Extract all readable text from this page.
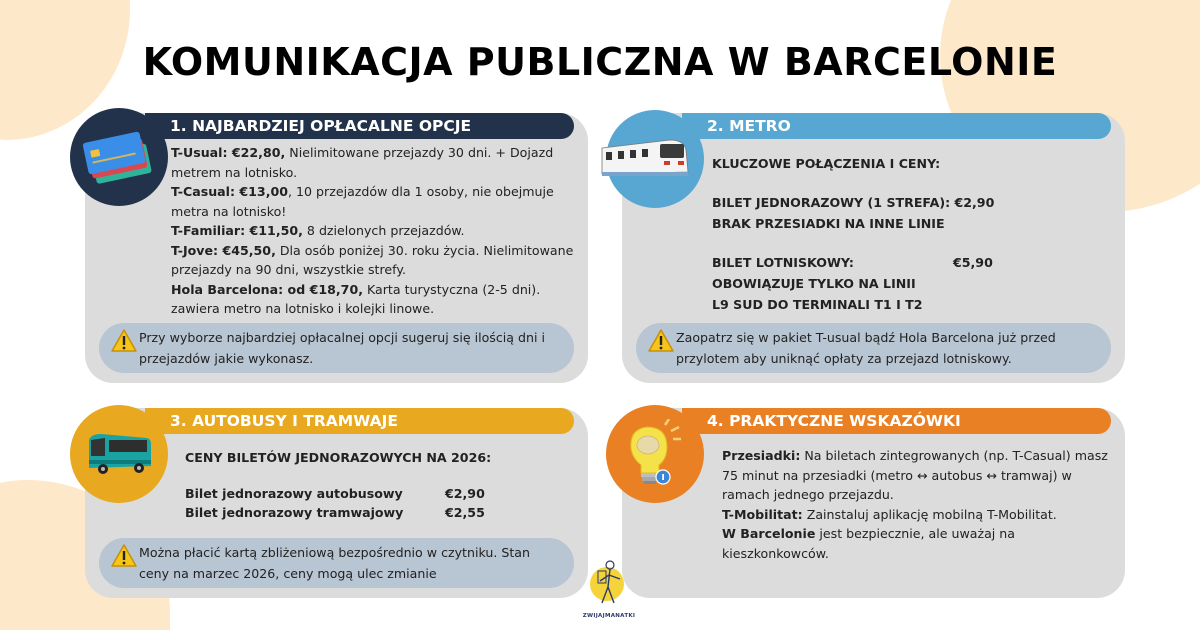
KOMUNIKACJA PUBLICZNA W BARCELONIE
1. NAJBARDZIEJ OPŁACALNE OPCJE
T-Usual: €22,80, Nielimitowane przejazdy 30 dni. + Dojazd metrem na lotnisko.
T-Casual: €13,00, 10 przejazdów dla 1 osoby, nie obejmuje metra na lotnisko!
T-Familiar: €11,50, 8 dzielonych przejazdów.
T-Jove: €45,50, Dla osób poniżej 30. roku życia. Nielimitowane przejazdy na 90 dni, wszystkie strefy.
Hola Barcelona: od €18,70, Karta turystyczna (2-5 dni). zawiera metro na lotnisko i kolejki linowe.
Przy wyborze najbardziej opłacalnej opcji sugeruj się ilością dni i przejazdów jakie wykonasz.
2. METRO
KLUCZOWE POŁĄCZENIA I CENY:
BILET JEDNORAZOWY (1 STREFA): €2,90
BRAK PRZESIADKI NA INNE LINIE
BILET LOTNISKOWY:	€5,90
OBOWIĄZUJE TYLKO NA LINII
L9 SUD DO TERMINALI T1 I T2
Zaopatrz się w pakiet T-usual bądź Hola Barcelona już przed przylotem aby uniknąć opłaty za przejazd lotniskowy.
3. AUTOBUSY I TRAMWAJE
CENY BILETÓW JEDNORAZOWYCH NA 2026:
Bilet jednorazowy autobusowy	€2,90
Bilet jednorazowy tramwajowy	€2,55
Można płacić kartą zbliżeniową bezpośrednio w czytniku. Stan ceny na marzec 2026, ceny mogą ulec zmianie
4. PRAKTYCZNE WSKAZÓWKI
Przesiadki: Na biletach zintegrowanych (np. T-Casual) masz 75 minut na przesiadki (metro ↔ autobus ↔ tramwaj) w ramach jednego przejazdu.
T-Mobilitat: Zainstaluj aplikację mobilną T-Mobilitat.
W Barcelonie jest bezpiecznie, ale uważaj na kieszkonkowców.
ZWIJAJMANATKI
